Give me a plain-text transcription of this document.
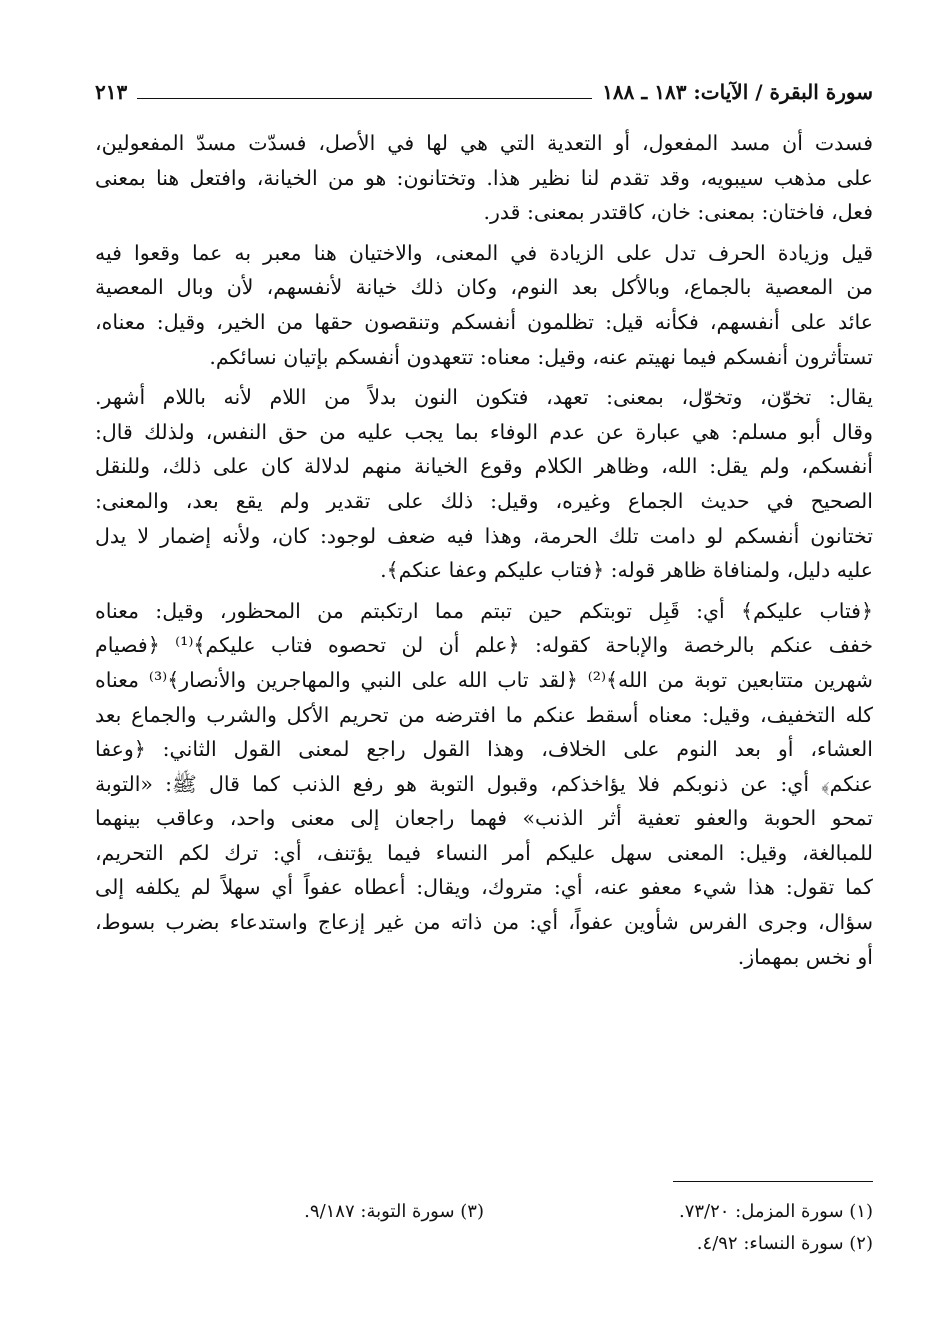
سورة البقرة / الآيات: ١٨٣ ـ ١٨٨
٢١٣

فسدت أن مسد المفعول، أو التعدية التي هي لها في الأصل، فسدّت مسدّ المفعولين،
على مذهب سيبويه، وقد تقدم لنا نظير هذا. وتختانون: هو من الخيانة، وافتعل هنا بمعنى
فعل، فاختان: بمعنى: خان، كاقتدر بمعنى: قدر.

قيل وزيادة الحرف تدل على الزيادة في المعنى، والاختيان هنا معبر به عما وقعوا فيه
من المعصية بالجماع، وبالأكل بعد النوم، وكان ذلك خيانة لأنفسهم، لأن وبال المعصية
عائد على أنفسهم، فكأنه قيل: تظلمون أنفسكم وتنقصون حقها من الخير، وقيل: معناه،
تستأثرون أنفسكم فيما نهيتم عنه، وقيل: معناه: تتعهدون أنفسكم بإتيان نسائكم.

يقال: تخوّن، وتخوّل، بمعنى: تعهد، فتكون النون بدلاً من اللام لأنه باللام أشهر.
وقال أبو مسلم: هي عبارة عن عدم الوفاء بما يجب عليه من حق النفس، ولذلك قال:
أنفسكم، ولم يقل: الله، وظاهر الكلام وقوع الخيانة منهم لدلالة كان على ذلك، وللنقل
الصحيح في حديث الجماع وغيره، وقيل: ذلك على تقدير ولم يقع بعد، والمعنى:
تختانون أنفسكم لو دامت تلك الحرمة، وهذا فيه ضعف لوجود: كان، ولأنه إضمار لا يدل
عليه دليل، ولمنافاة ظاهر قوله: ﴿فتاب عليكم وعفا عنكم﴾.

﴿فتاب عليكم﴾ أي: قَبِل توبتكم حين تبتم مما ارتكبتم من المحظور، وقيل: معناه
خفف عنكم بالرخصة والإباحة كقوله: ﴿علم أن لن تحصوه فتاب عليكم﴾⁽¹⁾ ﴿فصيام
شهرين متتابعين توبة من الله﴾⁽²⁾ ﴿لقد تاب الله على النبي والمهاجرين والأنصار﴾⁽³⁾ معناه
كله التخفيف، وقيل: معناه أسقط عنكم ما افترضه من تحريم الأكل والشرب والجماع بعد
العشاء، أو بعد النوم على الخلاف، وهذا القول راجع لمعنى القول الثاني: ﴿وعفا
عنكم﴾ أي: عن ذنوبكم فلا يؤاخذكم، وقبول التوبة هو رفع الذنب كما قال ﷺ: «التوبة
تمحو الحوبة والعفو تعفية أثر الذنب» فهما راجعان إلى معنى واحد، وعاقب بينهما
للمبالغة، وقيل: المعنى سهل عليكم أمر النساء فيما يؤتنف، أي: ترك لكم التحريم،
كما تقول: هذا شيء معفو عنه، أي: متروك، ويقال: أعطاه عفواً أي سهلاً لم يكلفه إلى
سؤال، وجرى الفرس شأوين عفواً، أي: من ذاته من غير إزعاج واستدعاء بضرب بسوط،
أو نخس بمهماز.

(١) سورة المزمل: ٧٣/٢٠.
(٣) سورة التوبة: ٩/١٨٧.
(٢) سورة النساء: ٤/٩٢.
